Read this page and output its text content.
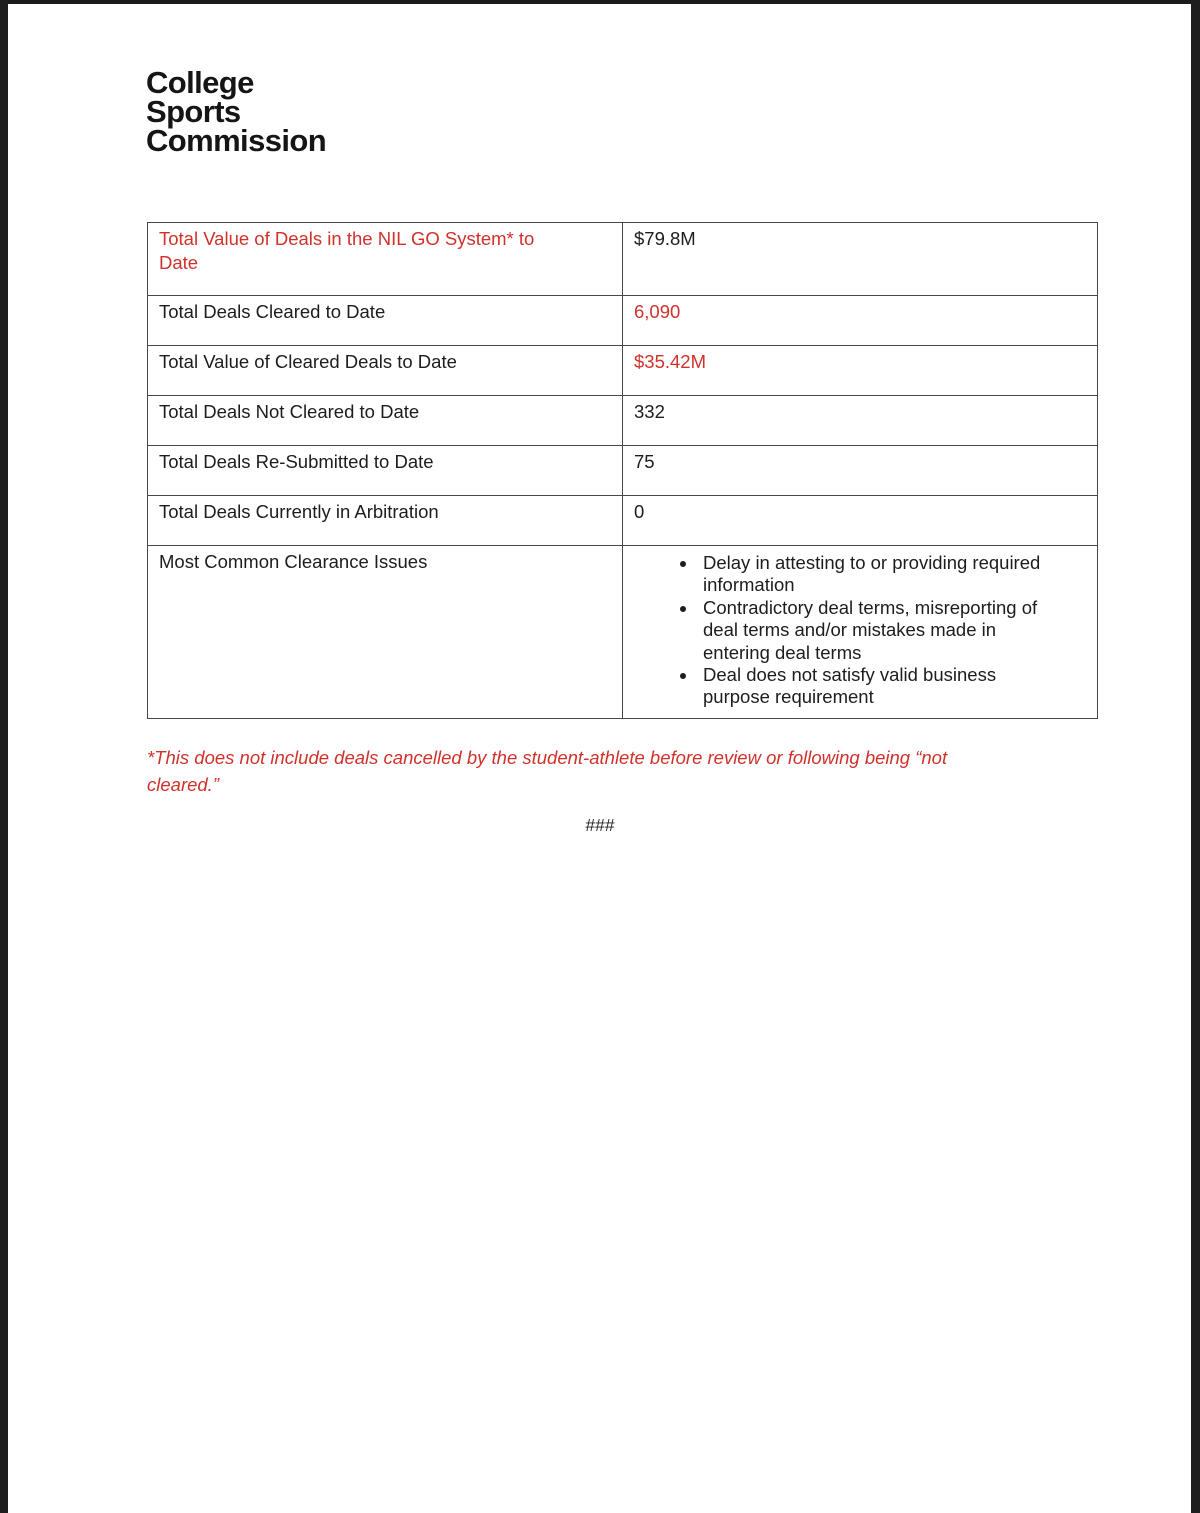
College
Sports
Commission
Total Value of Deals in the NIL GO System* to Date	$79.8M
Total Deals Cleared to Date	6,090
Total Value of Cleared Deals to Date	$35.42M
Total Deals Not Cleared to Date	332
Total Deals Re-Submitted to Date	75
Total Deals Currently in Arbitration	0
Most Common Clearance Issues	
•Delay in attesting to or providing required information
• Contradictory deal terms, misreporting of deal terms and/or mistakes made in entering deal terms
• Deal does not satisfy valid business purpose requirement
*This does not include deals cancelled by the student-athlete before review or following being “not cleared.”
###
